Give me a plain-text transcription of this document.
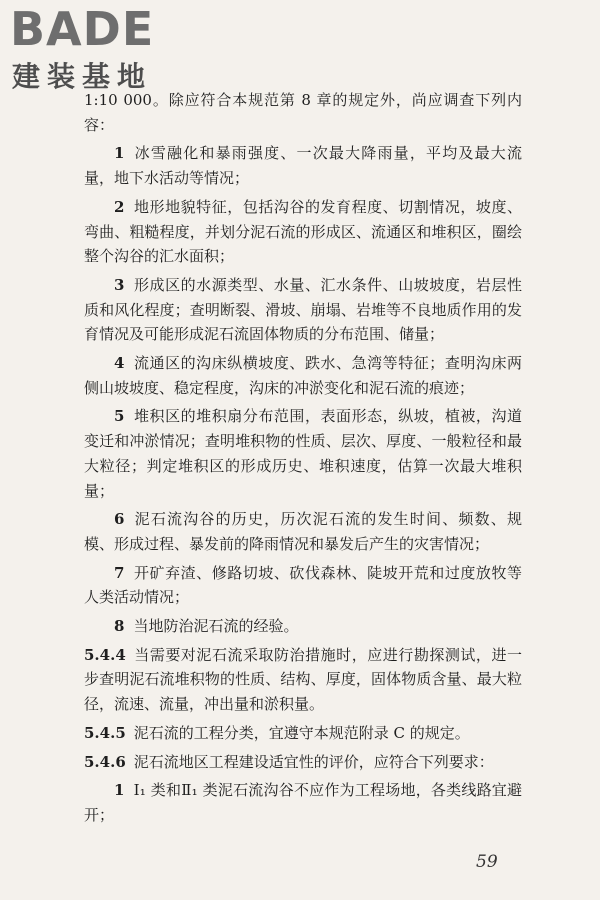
BADE
建装基地

1:10 000。除应符合本规范第 8 章的规定外，尚应调查下列内容：

1 冰雪融化和暴雨强度、一次最大降雨量，平均及最大流量，地下水活动等情况；

2 地形地貌特征，包括沟谷的发育程度、切割情况，坡度、弯曲、粗糙程度，并划分泥石流的形成区、流通区和堆积区，圈绘整个沟谷的汇水面积；

3 形成区的水源类型、水量、汇水条件、山坡坡度，岩层性质和风化程度；查明断裂、滑坡、崩塌、岩堆等不良地质作用的发育情况及可能形成泥石流固体物质的分布范围、储量；

4 流通区的沟床纵横坡度、跌水、急湾等特征；查明沟床两侧山坡坡度、稳定程度，沟床的冲淤变化和泥石流的痕迹；

5 堆积区的堆积扇分布范围，表面形态，纵坡，植被，沟道变迁和冲淤情况；查明堆积物的性质、层次、厚度、一般粒径和最大粒径；判定堆积区的形成历史、堆积速度，估算一次最大堆积量；

6 泥石流沟谷的历史，历次泥石流的发生时间、频数、规模、形成过程、暴发前的降雨情况和暴发后产生的灾害情况；

7 开矿弃渣、修路切坡、砍伐森林、陡坡开荒和过度放牧等人类活动情况；

8 当地防治泥石流的经验。

5.4.4 当需要对泥石流采取防治措施时，应进行勘探测试，进一步查明泥石流堆积物的性质、结构、厚度，固体物质含量、最大粒径，流速、流量，冲出量和淤积量。

5.4.5 泥石流的工程分类，宜遵守本规范附录 C 的规定。

5.4.6 泥石流地区工程建设适宜性的评价，应符合下列要求：

1 Ⅰ₁ 类和Ⅱ₁ 类泥石流沟谷不应作为工程场地，各类线路宜避开；

59
